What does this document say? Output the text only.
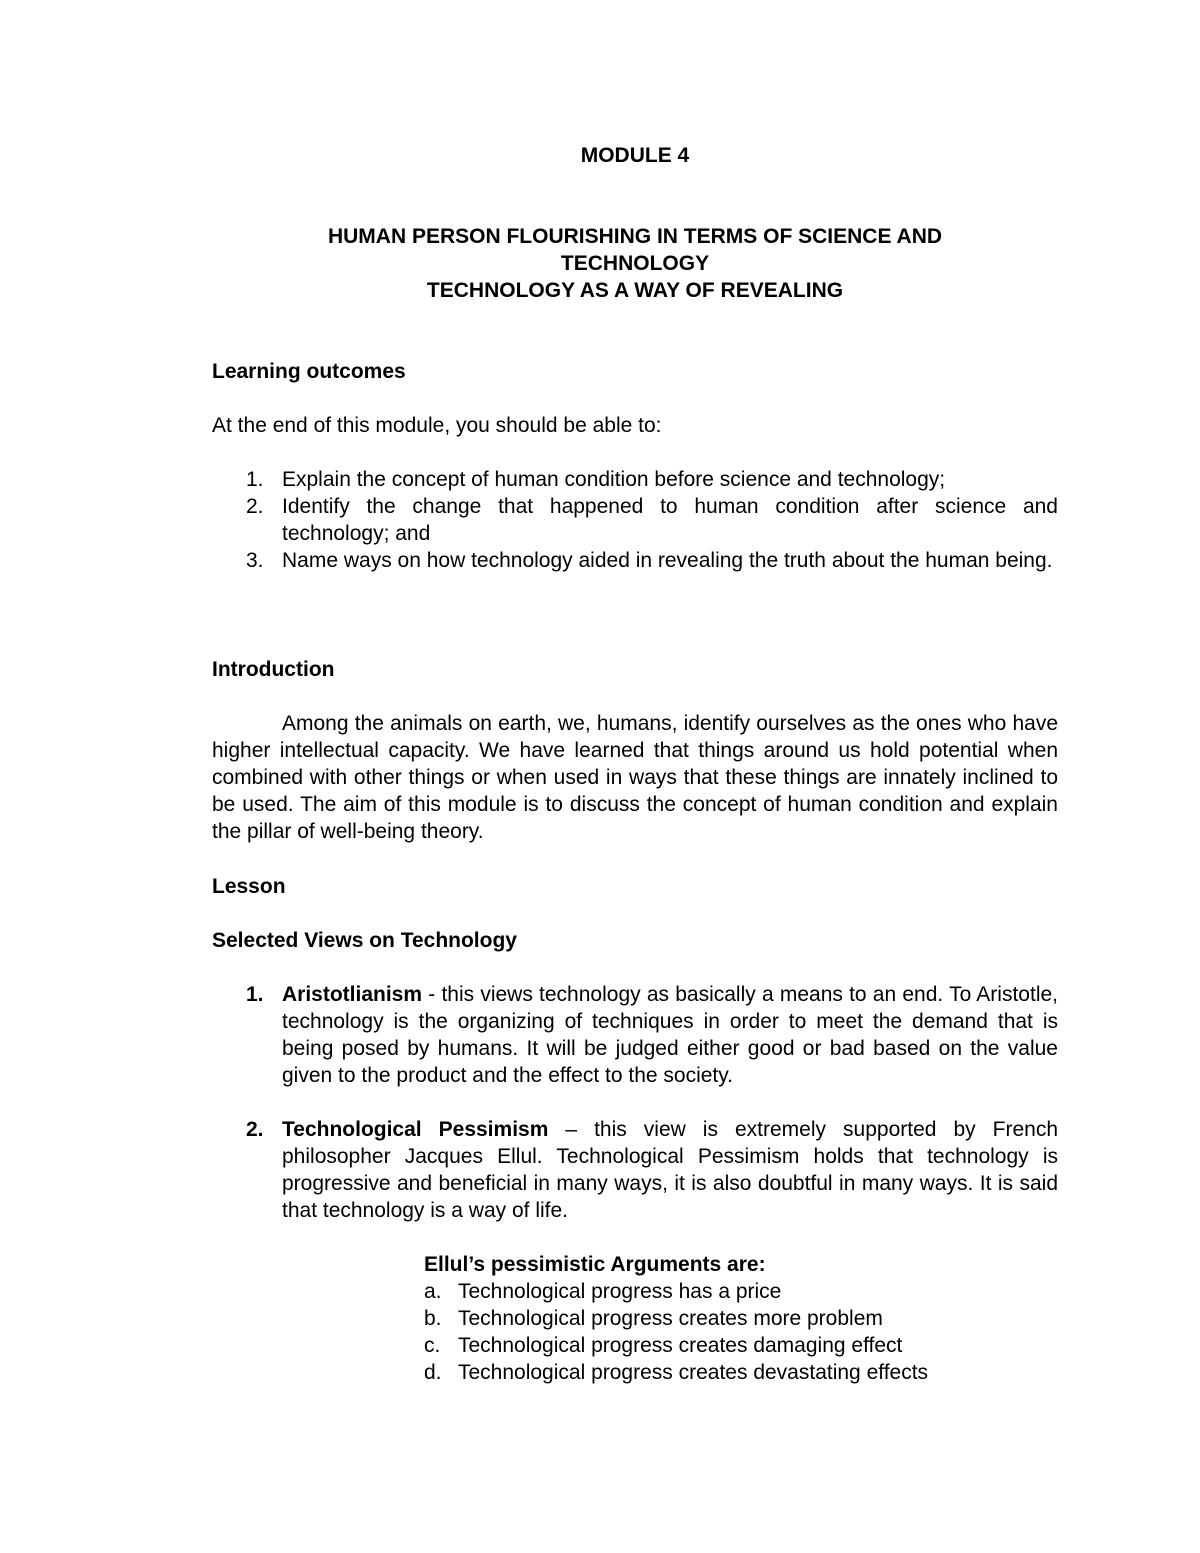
MODULE 4
HUMAN PERSON FLOURISHING IN TERMS OF SCIENCE AND
TECHNOLOGY
TECHNOLOGY AS A WAY OF REVEALING
Learning outcomes
At the end of this module, you should be able to:
1. Explain the concept of human condition before science and technology;
2. Identify the change that happened to human condition after science and technology; and
3. Name ways on how technology aided in revealing the truth about the human being.
Introduction
Among the animals on earth, we, humans, identify ourselves as the ones who have higher intellectual capacity. We have learned that things around us hold potential when combined with other things or when used in ways that these things are innately inclined to be used. The aim of this module is to discuss the concept of human condition and explain the pillar of well-being theory.
Lesson
Selected Views on Technology
1. Aristotlianism - this views technology as basically a means to an end. To Aristotle, technology is the organizing of techniques in order to meet the demand that is being posed by humans. It will be judged either good or bad based on the value given to the product and the effect to the society.
2. Technological Pessimism – this view is extremely supported by French philosopher Jacques Ellul. Technological Pessimism holds that technology is progressive and beneficial in many ways, it is also doubtful in many ways. It is said that technology is a way of life.
Ellul’s pessimistic Arguments are:
a. Technological progress has a price
b. Technological progress creates more problem
c. Technological progress creates damaging effect
d. Technological progress creates devastating effects
